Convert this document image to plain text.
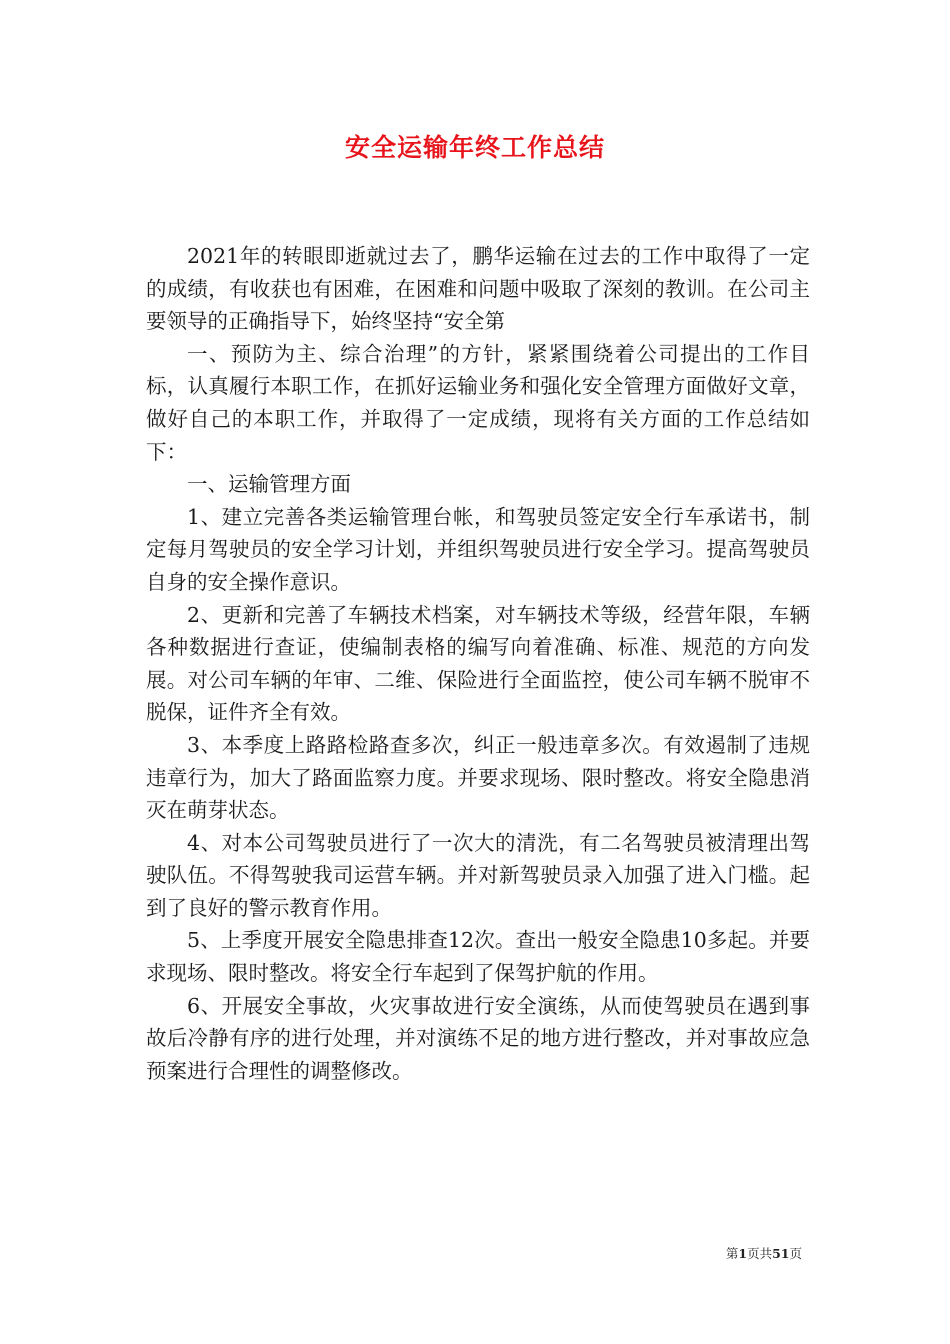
安全运输年终工作总结

2021年的转眼即逝就过去了，鹏华运输在过去的工作中取得了一定的成绩，有收获也有困难，在困难和问题中吸取了深刻的教训。在公司主要领导的正确指导下，始终坚持“安全第

一、预防为主、综合治理”的方针，紧紧围绕着公司提出的工作目标，认真履行本职工作，在抓好运输业务和强化安全管理方面做好文章，做好自己的本职工作，并取得了一定成绩，现将有关方面的工作总结如下：

一、运输管理方面

1、建立完善各类运输管理台帐，和驾驶员签定安全行车承诺书，制定每月驾驶员的安全学习计划，并组织驾驶员进行安全学习。提高驾驶员自身的安全操作意识。

2、更新和完善了车辆技术档案，对车辆技术等级，经营年限，车辆各种数据进行查证，使编制表格的编写向着准确、标准、规范的方向发展。对公司车辆的年审、二维、保险进行全面监控，使公司车辆不脱审不脱保，证件齐全有效。

3、本季度上路路检路查多次，纠正一般违章多次。有效遏制了违规违章行为，加大了路面监察力度。并要求现场、限时整改。将安全隐患消灭在萌芽状态。

4、对本公司驾驶员进行了一次大的清洗，有二名驾驶员被清理出驾驶队伍。不得驾驶我司运营车辆。并对新驾驶员录入加强了进入门槛。起到了良好的警示教育作用。

5、上季度开展安全隐患排查12次。查出一般安全隐患10多起。并要求现场、限时整改。将安全行车起到了保驾护航的作用。

6、开展安全事故，火灾事故进行安全演练，从而使驾驶员在遇到事故后冷静有序的进行处理，并对演练不足的地方进行整改，并对事故应急预案进行合理性的调整修改。

第1页共51页
